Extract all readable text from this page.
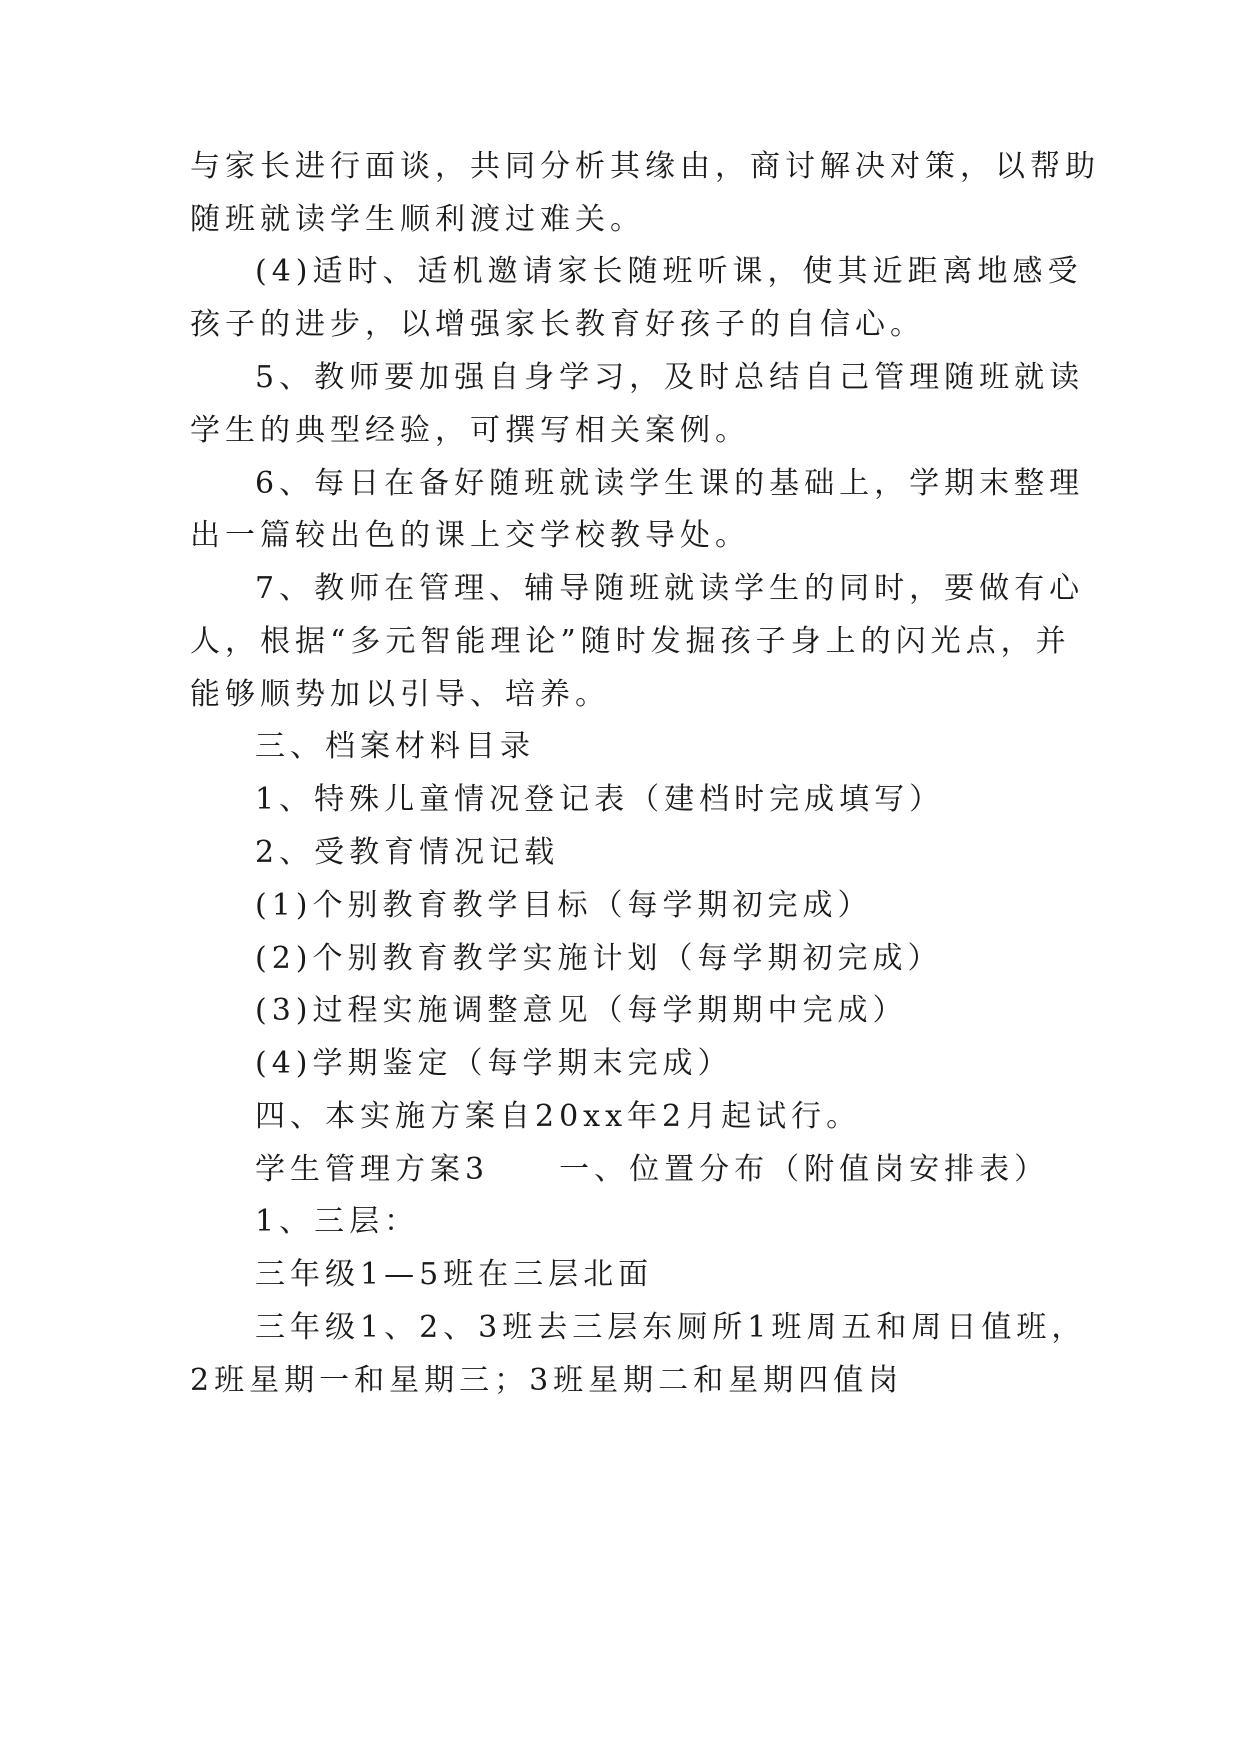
与家长进行面谈，共同分析其缘由，商讨解决对策，以帮助
随班就读学生顺利渡过难关。
(4)适时、适机邀请家长随班听课，使其近距离地感受
孩子的进步，以增强家长教育好孩子的自信心。
5、教师要加强自身学习，及时总结自己管理随班就读
学生的典型经验，可撰写相关案例。
6、每日在备好随班就读学生课的基础上，学期末整理
出一篇较出色的课上交学校教导处。
7、教师在管理、辅导随班就读学生的同时，要做有心
人，根据“多元智能理论”随时发掘孩子身上的闪光点，并
能够顺势加以引导、培养。
三、档案材料目录
1、特殊儿童情况登记表（建档时完成填写）
2、受教育情况记载
(1)个别教育教学目标（每学期初完成）
(2)个别教育教学实施计划（每学期初完成）
(3)过程实施调整意见（每学期期中完成）
(4)学期鉴定（每学期末完成）
四、本实施方案自20xx年2月起试行。
学生管理方案3　　一、位置分布（附值岗安排表）
1、三层：
三年级1—5班在三层北面
三年级1、2、3班去三层东厕所1班周五和周日值班，
2班星期一和星期三；3班星期二和星期四值岗
